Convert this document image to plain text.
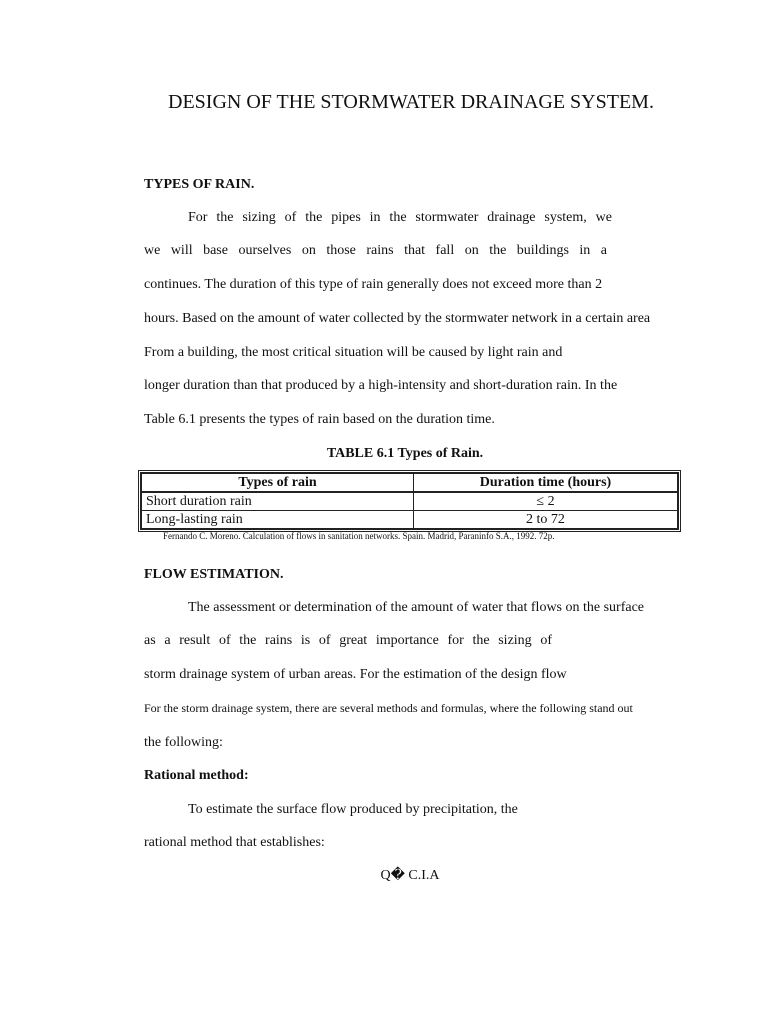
DESIGN OF THE STORMWATER DRAINAGE SYSTEM.
TYPES OF RAIN.
For the sizing of the pipes in the stormwater drainage system, we
we will base ourselves on those rains that fall on the buildings in a
continues. The duration of this type of rain generally does not exceed more than 2
hours. Based on the amount of water collected by the stormwater network in a certain area
From a building, the most critical situation will be caused by light rain and
longer duration than that produced by a high-intensity and short-duration rain. In the
Table 6.1 presents the types of rain based on the duration time.
TABLE 6.1 Types of Rain.
Types of rain	Duration time (hours)
Short duration rain	≤ 2
Long-lasting rain	2 to 72
Fernando C. Moreno. Calculation of flows in sanitation networks. Spain. Madrid, Paraninfo S.A., 1992. 72p.
FLOW ESTIMATION.
The assessment or determination of the amount of water that flows on the surface
as a result of the rains is of great importance for the sizing of
storm drainage system of urban areas. For the estimation of the design flow
For the storm drainage system, there are several methods and formulas, where the following stand out
the following:
Rational method:
To estimate the surface flow produced by precipitation, the
rational method that establishes:
Q� C.I.A
